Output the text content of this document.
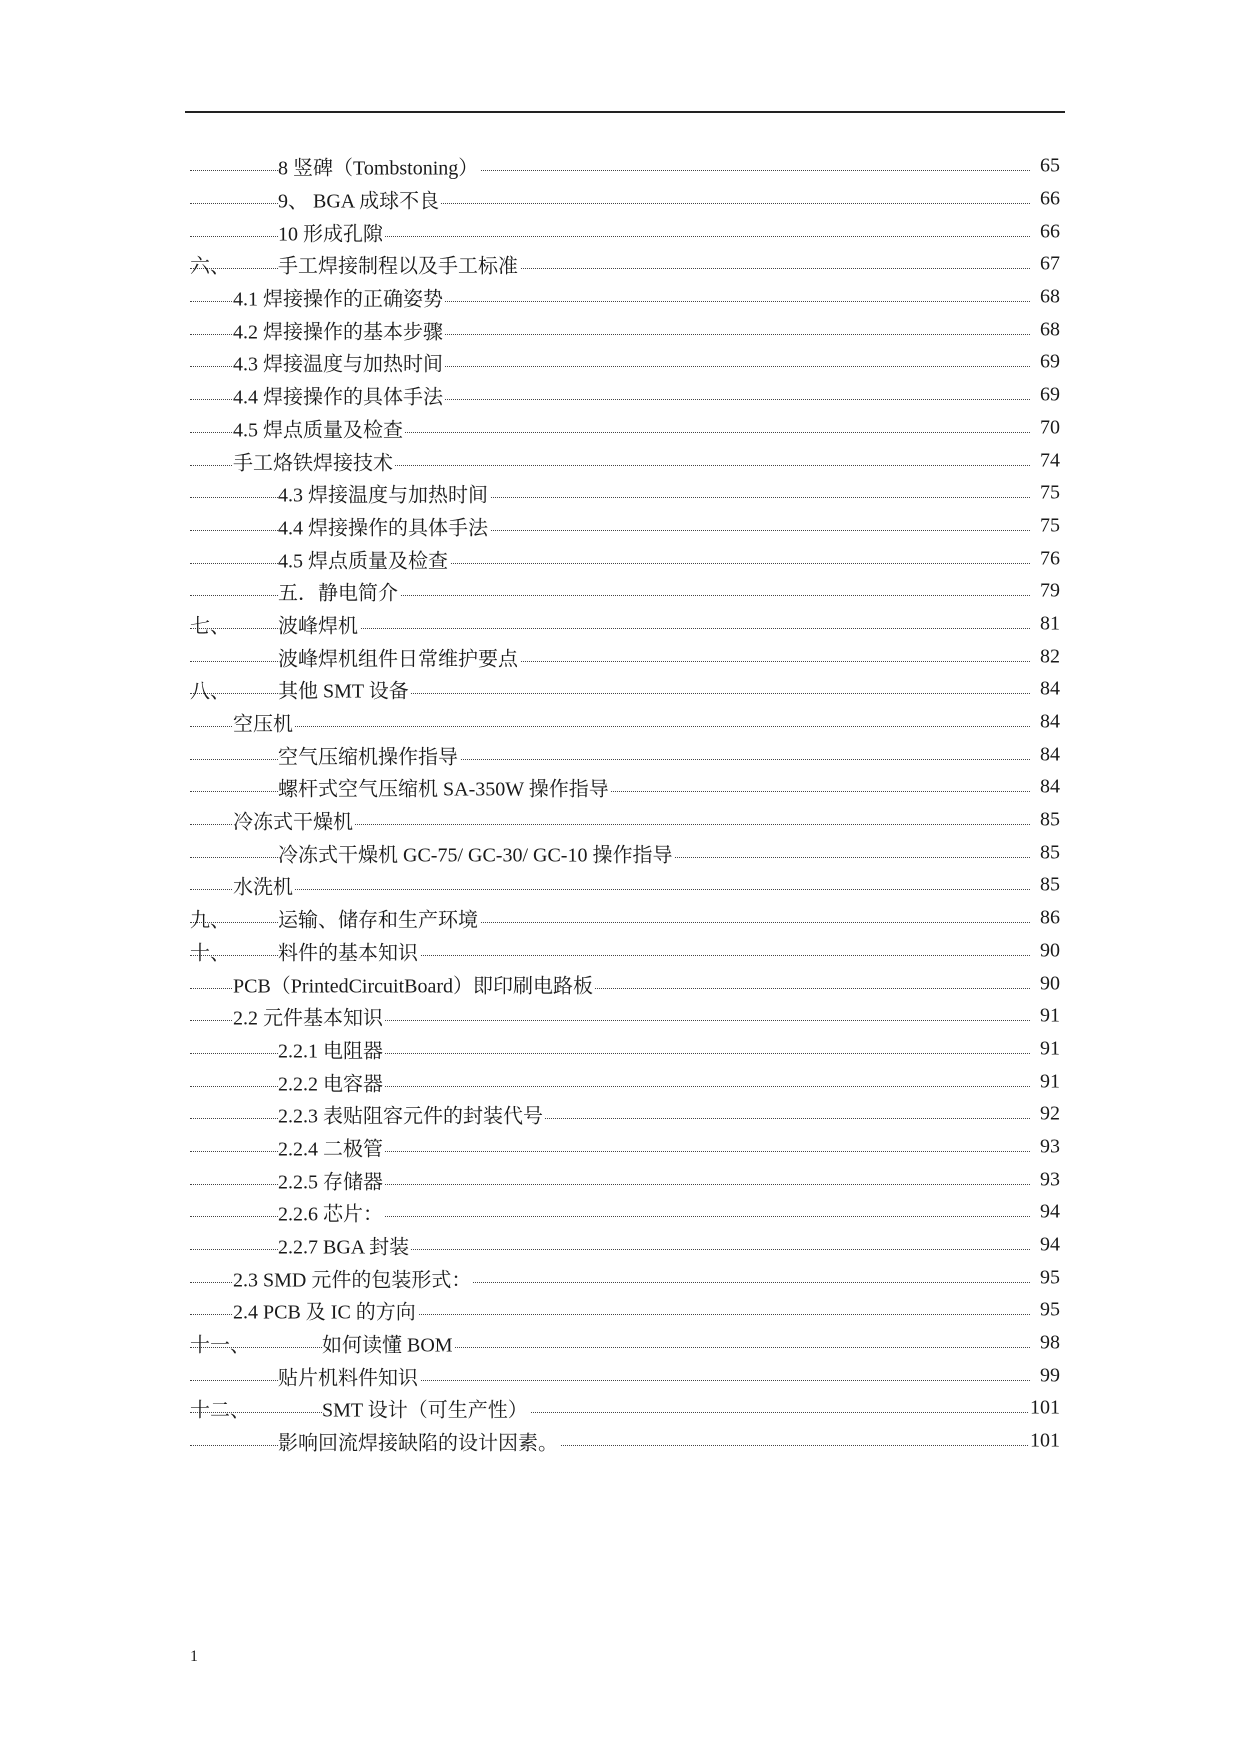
8 竖碑（Tombstoning）	65
9、 BGA 成球不良	66
10 形成孔隙	66
六、 手工焊接制程以及手工标准	67
4.1 焊接操作的正确姿势	68
4.2 焊接操作的基本步骤	68
4.3 焊接温度与加热时间	69
4.4 焊接操作的具体手法	69
4.5 焊点质量及检查	70
手工烙铁焊接技术	74
4.3 焊接温度与加热时间	75
4.4 焊接操作的具体手法	75
4.5 焊点质量及检查	76
五．静电简介	79
七、 波峰焊机	81
波峰焊机组件日常维护要点	82
八、 其他 SMT 设备	84
空压机	84
空气压缩机操作指导	84
螺杆式空气压缩机 SA-350W 操作指导	84
冷冻式干燥机	85
冷冻式干燥机 GC-75/ GC-30/ GC-10 操作指导	85
水洗机	85
九、 运输、储存和生产环境	86
十、 料件的基本知识	90
PCB（PrintedCircuitBoard）即印刷电路板	90
2.2 元件基本知识	91
2.2.1 电阻器	91
2.2.2 电容器	91
2.2.3 表贴阻容元件的封装代号	92
2.2.4 二极管	93
2.2.5 存储器	93
2.2.6 芯片：	94
2.2.7 BGA 封装	94
2.3 SMD 元件的包装形式：	95
2.4 PCB 及 IC 的方向	95
十一、	如何读懂 BOM	98
贴片机料件知识	99
十二、	SMT 设计（可生产性）	101
影响回流焊接缺陷的设计因素。	101
1
